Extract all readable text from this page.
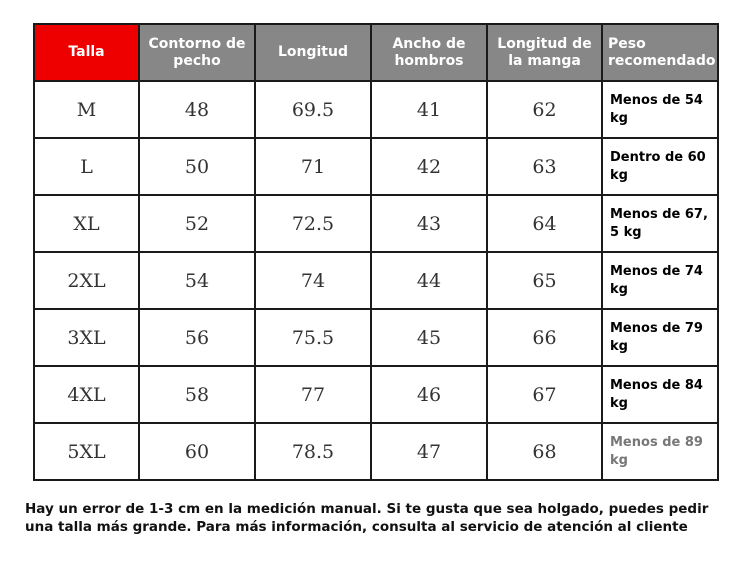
Talla	Contorno de pecho	Longitud	Ancho de hombros	Longitud de la manga	Peso recomendado
M	48	69.5	41	62	Menos de 54 kg
L	50	71	42	63	Dentro de 60 kg
XL	52	72.5	43	64	Menos de 67, 5 kg
2XL	54	74	44	65	Menos de 74 kg
3XL	56	75.5	45	66	Menos de 79 kg
4XL	58	77	46	67	Menos de 84 kg
5XL	60	78.5	47	68	Menos de 89 kg

Hay un error de 1-3 cm en la medición manual. Si te gusta que sea holgado, puedes pedir una talla más grande. Para más información, consulta al servicio de atención al cliente
